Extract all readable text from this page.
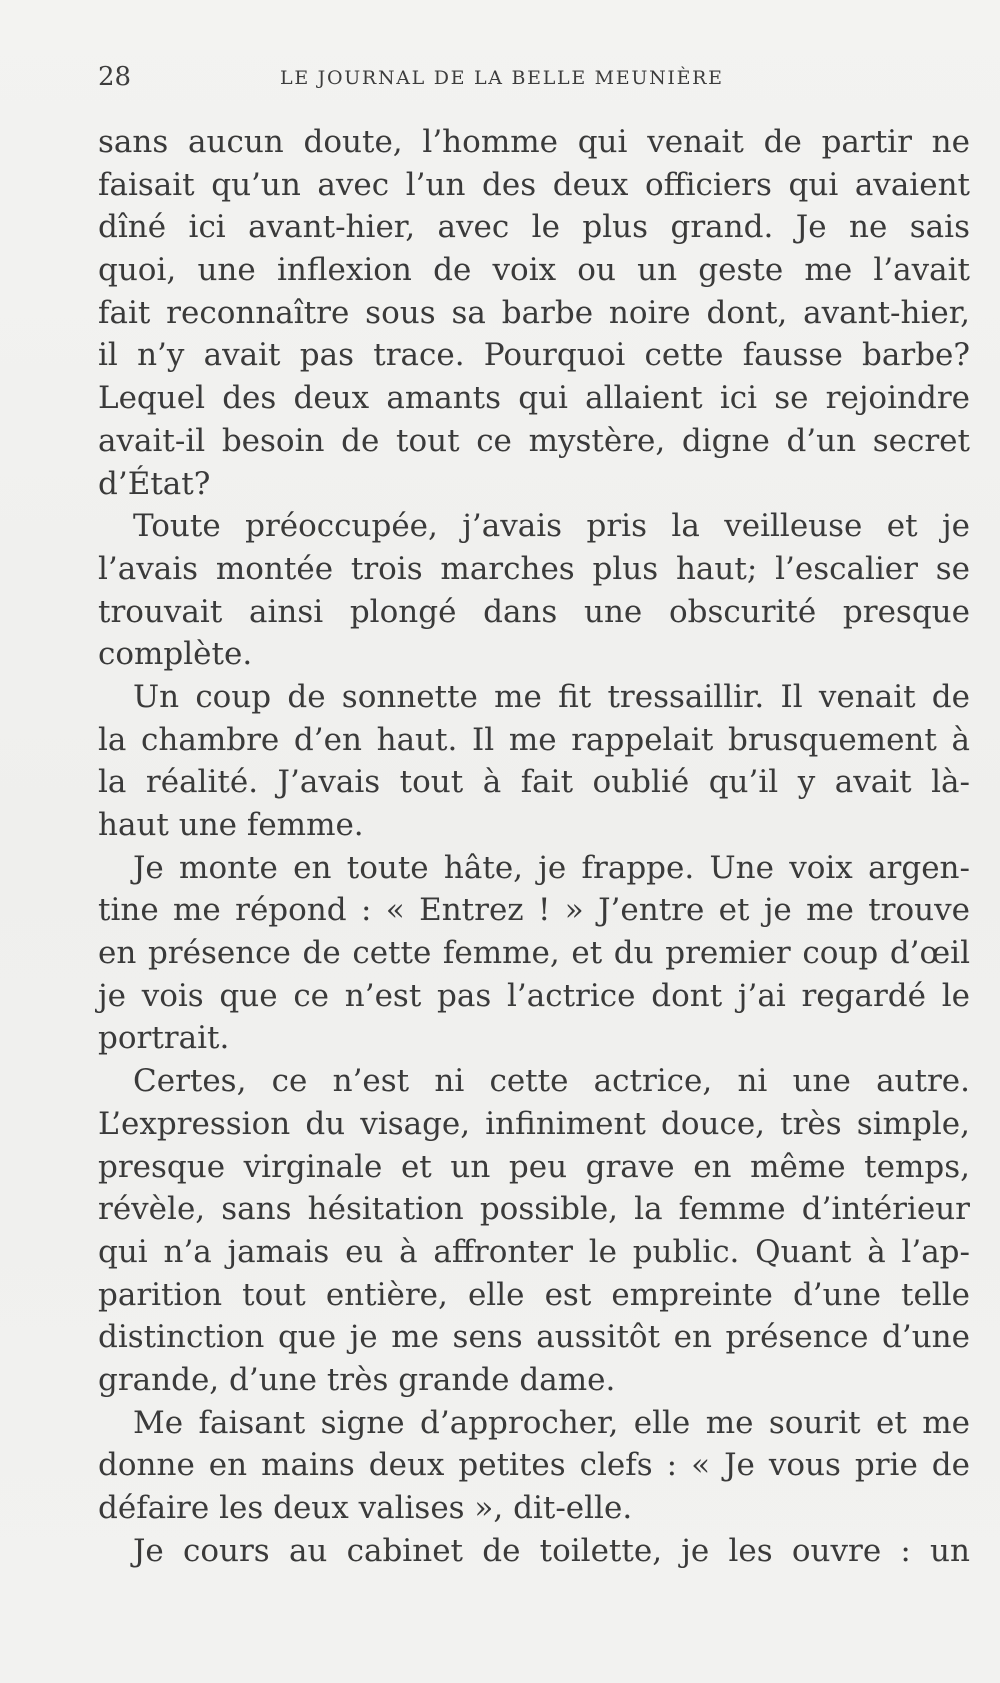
28	LE JOURNAL DE LA BELLE MEUNIÈRE
sans aucun doute, l’homme qui venait de partir ne
faisait qu’un avec l’un des deux officiers qui avaient
dîné ici avant-hier, avec le plus grand. Je ne sais
quoi, une inflexion de voix ou un geste me l’avait
fait reconnaître sous sa barbe noire dont, avant-hier,
il n’y avait pas trace. Pourquoi cette fausse barbe?
Lequel des deux amants qui allaient ici se rejoindre
avait-il besoin de tout ce mystère, digne d’un secret
d’État?
Toute préoccupée, j’avais pris la veilleuse et je
l’avais montée trois marches plus haut; l’escalier se
trouvait ainsi plongé dans une obscurité presque
complète.
Un coup de sonnette me fit tressaillir. Il venait de
la chambre d’en haut. Il me rappelait brusquement à
la réalité. J’avais tout à fait oublié qu’il y avait là-
haut une femme.
Je monte en toute hâte, je frappe. Une voix argen-
tine me répond : « Entrez ! » J’entre et je me trouve
en présence de cette femme, et du premier coup d’œil
je vois que ce n’est pas l’actrice dont j’ai regardé le
portrait.
Certes, ce n’est ni cette actrice, ni une autre.
L’expression du visage, infiniment douce, très simple,
presque virginale et un peu grave en même temps,
révèle, sans hésitation possible, la femme d’intérieur
qui n’a jamais eu à affronter le public. Quant à l’ap-
parition tout entière, elle est empreinte d’une telle
distinction que je me sens aussitôt en présence d’une
grande, d’une très grande dame.
Me faisant signe d’approcher, elle me sourit et me
donne en mains deux petites clefs : « Je vous prie de
défaire les deux valises », dit-elle.
Je cours au cabinet de toilette, je les ouvre : un
